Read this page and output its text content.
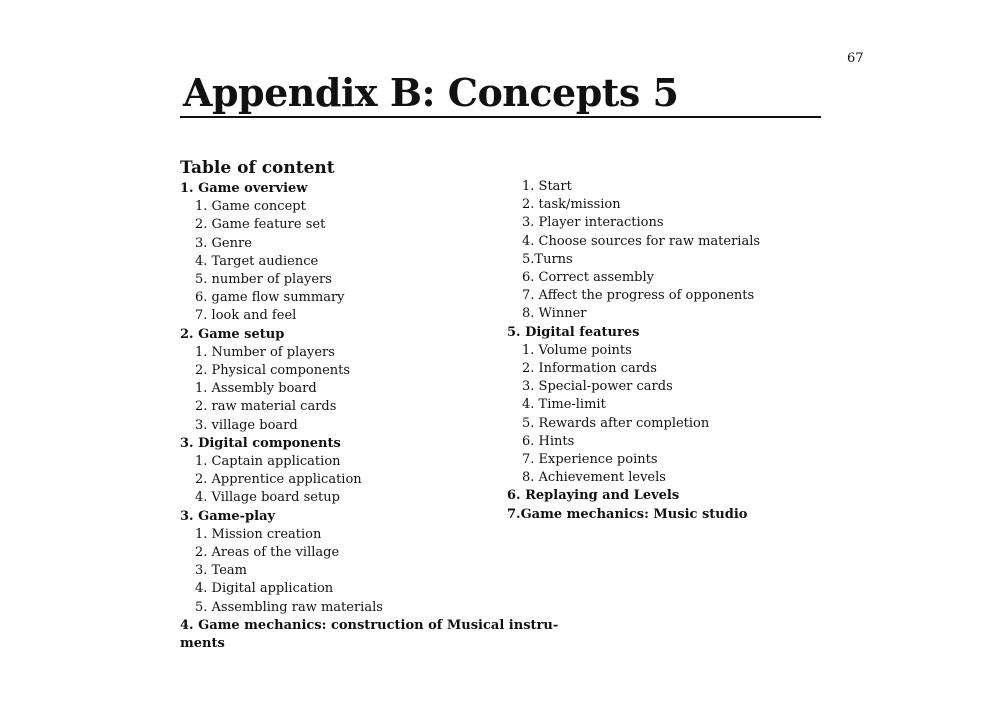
67
Appendix B: Concepts 5
Table of content
1. Game overview
1. Game concept
2. Game feature set
3. Genre
4. Target audience
5. number of players
6. game flow summary
7. look and feel
2. Game setup
1. Number of players
2. Physical components
1. Assembly board
2. raw material cards
3. village board
3. Digital components
1. Captain application
2. Apprentice application
4. Village board setup
3. Game-play
1. Mission creation
2. Areas of the village
3. Team
4. Digital application
5. Assembling raw materials
4. Game mechanics: construction of Musical instru-
ments
1. Start
2. task/mission
3. Player interactions
4. Choose sources for raw materials
5.Turns
6. Correct assembly
7. Affect the progress of opponents
8. Winner
5. Digital features
1. Volume points
2. Information cards
3. Special-power cards
4. Time-limit
5. Rewards after completion
6. Hints
7. Experience points
8. Achievement levels
6. Replaying and Levels
7.Game mechanics: Music studio
